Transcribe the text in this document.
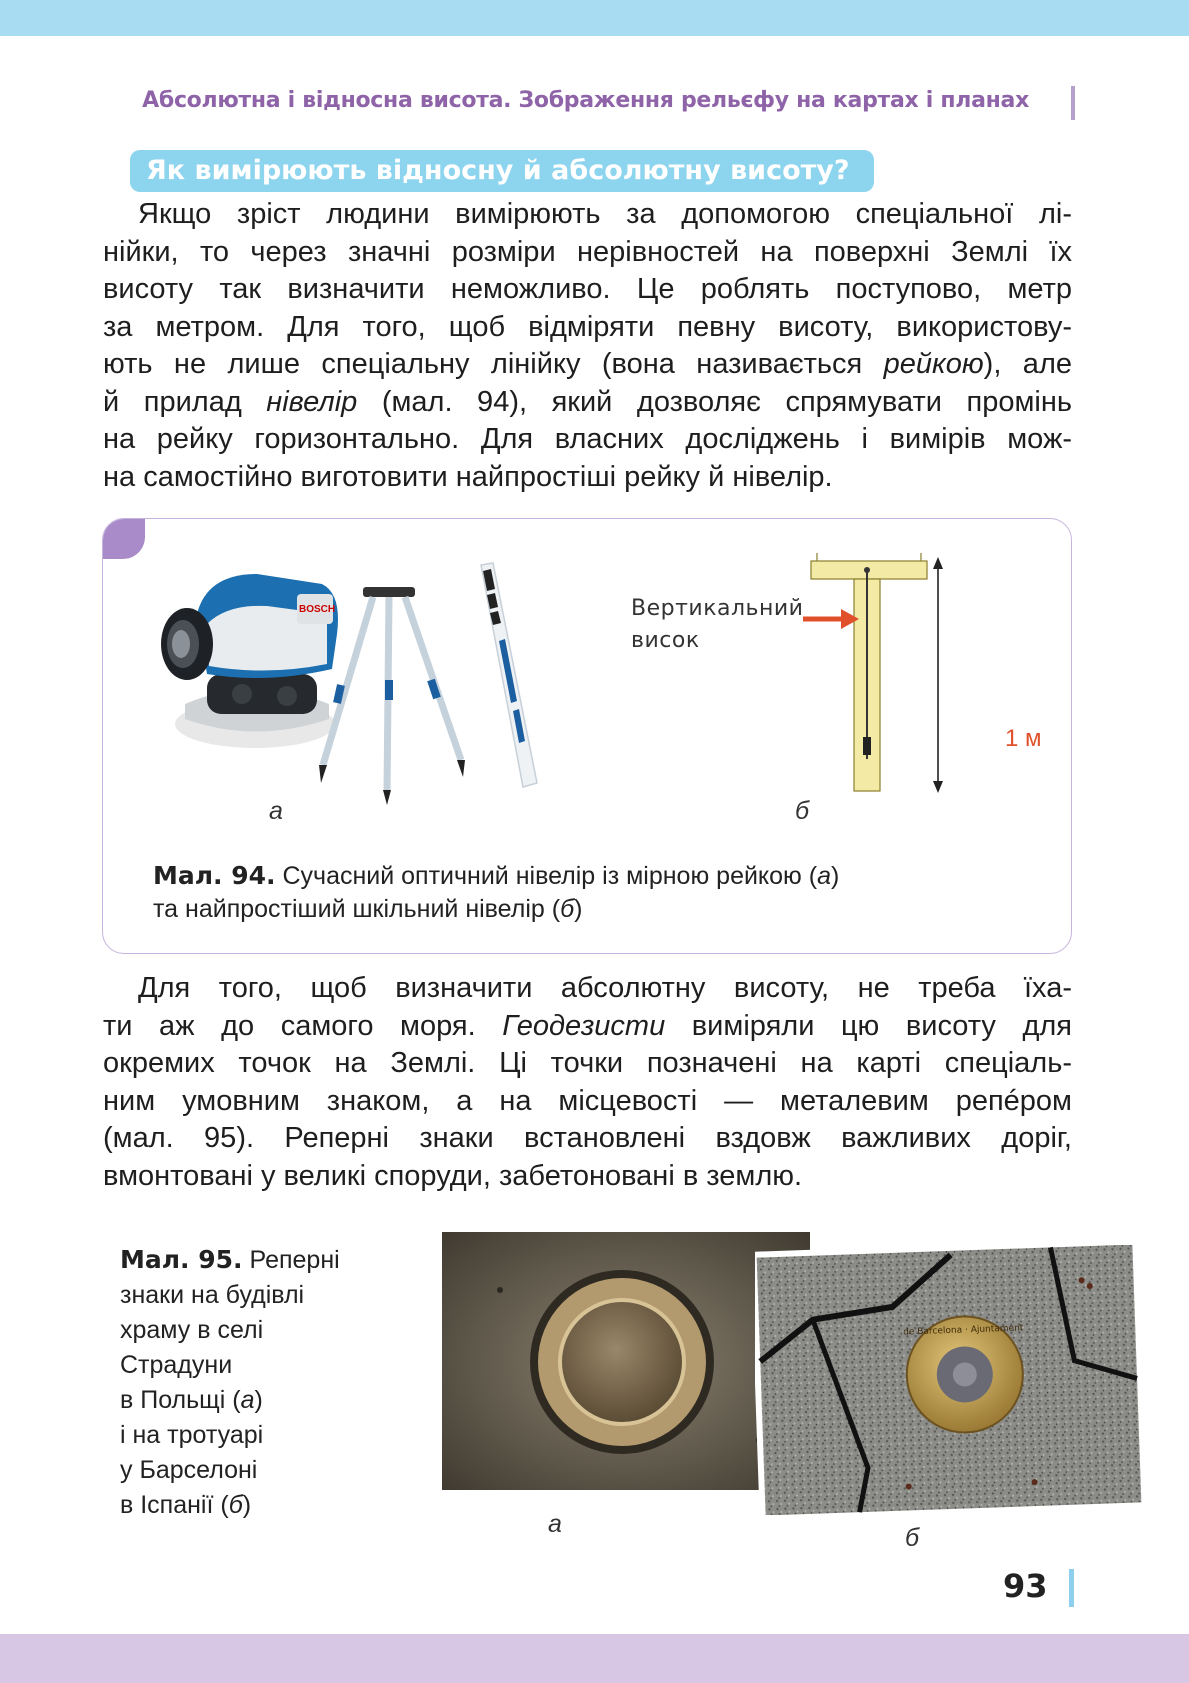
Абсолютна і відносна висота. Зображення рельєфу на картах і планах
Як вимірюють відносну й абсолютну висоту?
Якщо зріст людини вимірюють за допомогою спеціальної лі-
нійки, то через значні розміри нерівностей на поверхні Землі їх
висоту так визначити неможливо. Це роблять поступово, метр
за метром. Для того, щоб відміряти певну висоту, використову-
ють не лише спеціальну лінійку (вона називається рейкою), але
й прилад нівелір (мал. 94), який дозволяє спрямувати промінь
на рейку горизонтально. Для власних досліджень і вимірів мож-
на самостійно виготовити найпростіші рейку й нівелір.
BOSCH
а
Вертикальний
висок
1 м
б
Мал. 94. Сучасний оптичний нівелір із мірною рейкою (а)
та найпростіший шкільний нівелір (б)
Для того, щоб визначити абсолютну висоту, не треба їха-
ти аж до самого моря. Геодезисти виміряли цю висоту для
окремих точок на Землі. Ці точки позначені на карті спеціаль-
ним умовним знаком, а на місцевості — металевим репéром
(мал. 95). Реперні знаки встановлені вздовж важливих доріг,
вмонтовані у великі споруди, забетоновані в землю.
Мал. 95. Реперні
знаки на будівлі
храму в селі
Страдуни
в Польщі (а)
і на тротуарі
у Барселоні
в Іспанії (б)
а
de Barcelona · Ajuntament
б
93
